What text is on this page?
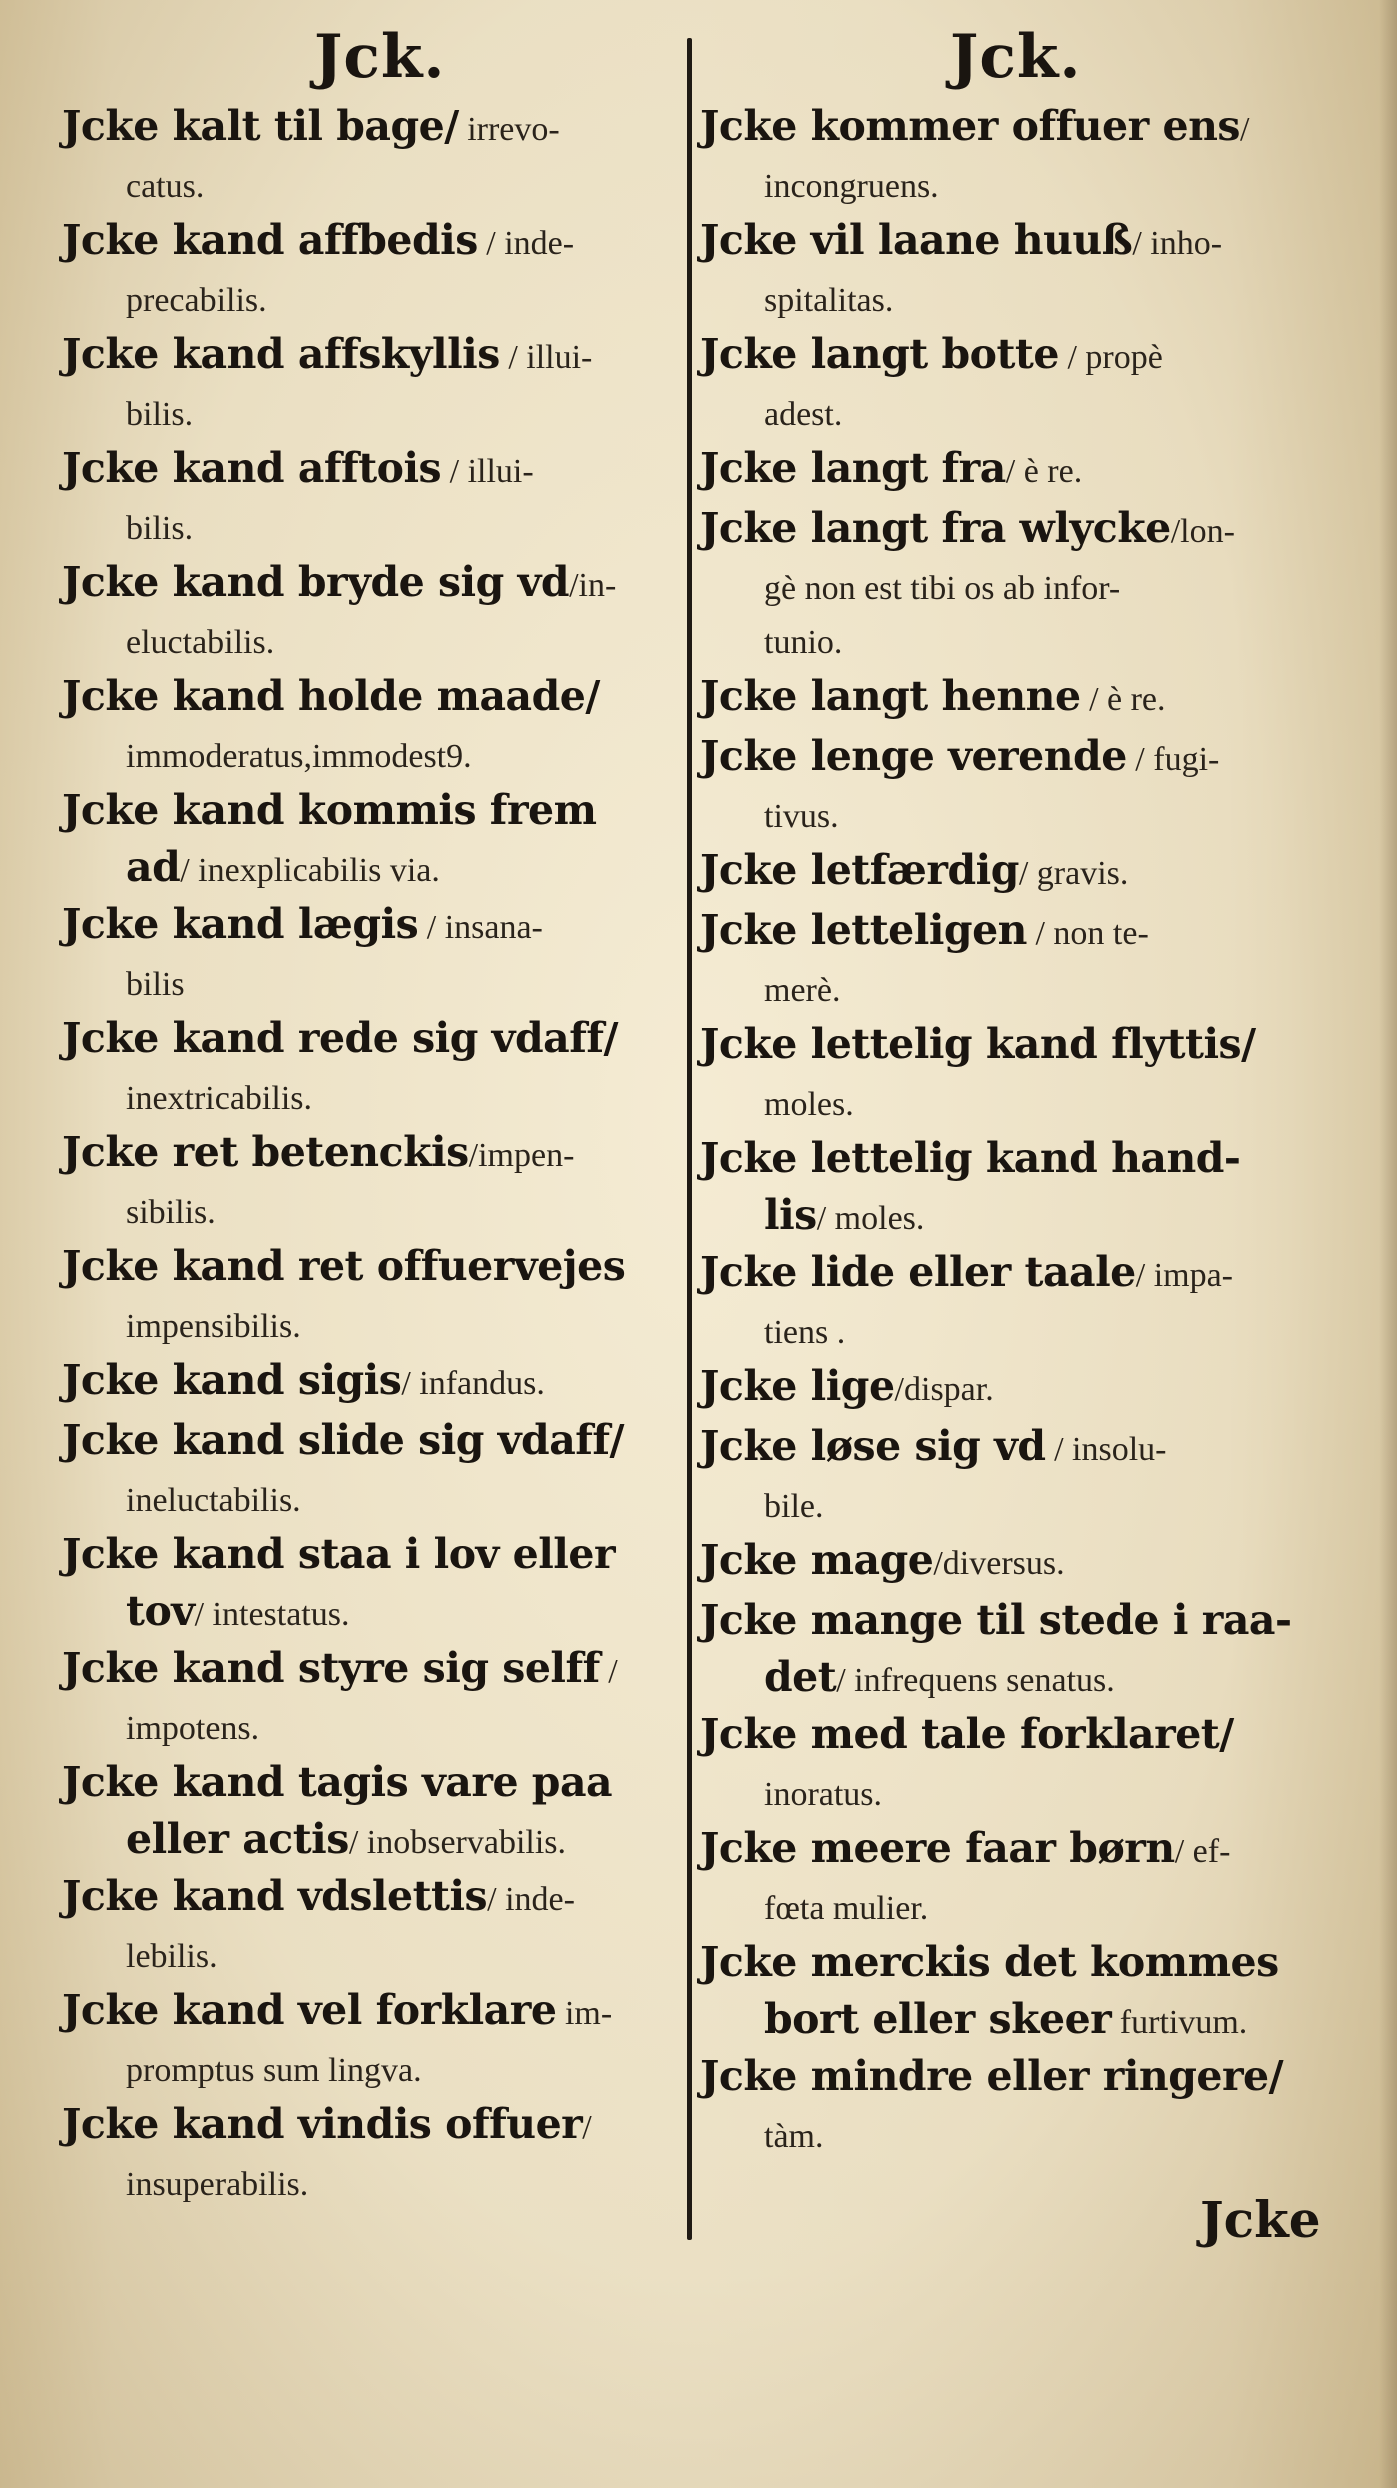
Jck.
Jcke kalt til bage/ irrevo-
catus.
Jcke kand affbedis / inde-
precabilis.
Jcke kand affskyllis / illui-
bilis.
Jcke kand afftois / illui-
bilis.
Jcke kand bryde sig vd/in-
eluctabilis.
Jcke kand holde maade/
immoderatus,immodest9.
Jcke kand kommis frem
ad/ inexplicabilis via.
Jcke kand lægis / insana-
bilis
Jcke kand rede sig vdaff/
inextricabilis.
Jcke ret betenckis/impen-
sibilis.
Jcke kand ret offuervejes
impensibilis.
Jcke kand sigis/ infandus.
Jcke kand slide sig vdaff/
ineluctabilis.
Jcke kand staa i lov eller
tov/ intestatus.
Jcke kand styre sig selff /
impotens.
Jcke kand tagis vare paa
eller actis/ inobservabilis.
Jcke kand vdslettis/ inde-
lebilis.
Jcke kand vel forklare im-
promptus sum lingva.
Jcke kand vindis offuer/
insuperabilis.
Jck.
Jcke kommer offuer ens/
incongruens.
Jcke vil laane huuß/ inho-
spitalitas.
Jcke langt botte / propè
adest.
Jcke langt fra/ è re.
Jcke langt fra wlycke/lon-
gè non est tibi os ab infor-
tunio.
Jcke langt henne / è re.
Jcke lenge verende / fugi-
tivus.
Jcke letfærdig/ gravis.
Jcke letteligen / non te-
merè.
Jcke lettelig kand flyttis/
moles.
Jcke lettelig kand hand-
lis/ moles.
Jcke lide eller taale/ impa-
tiens .
Jcke lige/dispar.
Jcke løse sig vd / insolu-
bile.
Jcke mage/diversus.
Jcke mange til stede i raa-
det/ infrequens senatus.
Jcke med tale forklaret/
inoratus.
Jcke meere faar børn/ ef-
fœta mulier.
Jcke merckis det kommes
bort eller skeer furtivum.
Jcke mindre eller ringere/
tàm.
Jcke
